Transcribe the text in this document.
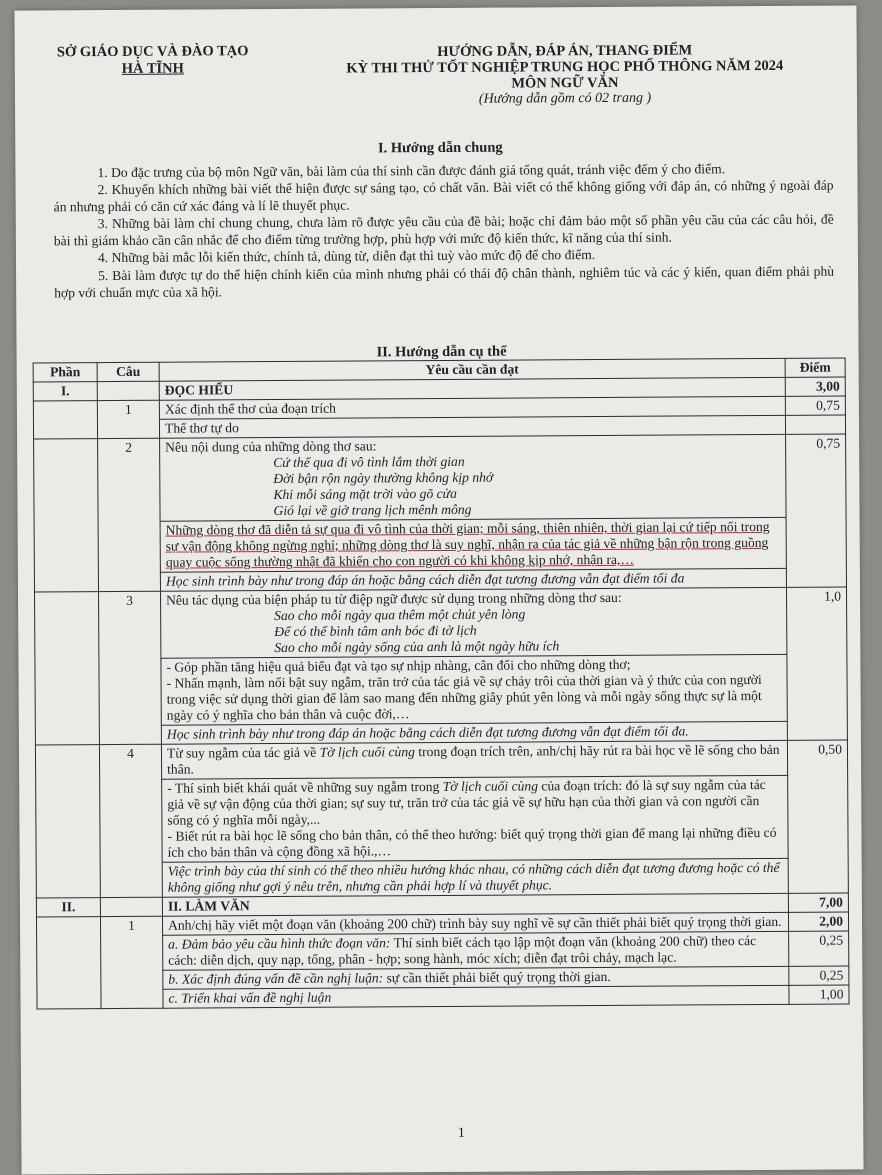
SỞ GIÁO DỤC VÀ ĐÀO TẠO
HÀ TĨNH
HƯỚNG DẪN, ĐÁP ÁN, THANG ĐIỂM
KỲ THI THỬ TỐT NGHIỆP TRUNG HỌC PHỔ THÔNG NĂM 2024
MÔN NGỮ VĂN
(Hướng dẫn gồm có 02 trang )
I. Hướng dẫn chung

1. Do đặc trưng của bộ môn Ngữ văn, bài làm của thí sinh cần được đánh giá tổng quát, tránh việc đếm ý cho điểm.

2. Khuyến khích những bài viết thể hiện được sự sáng tạo, có chất văn. Bài viết có thể không giống với đáp án, có những ý ngoài đáp án nhưng phải có căn cứ xác đáng và lí lẽ thuyết phục.

3. Những bài làm chỉ chung chung, chưa làm rõ được yêu cầu của đề bài; hoặc chỉ đảm bảo một số phần yêu cầu của các câu hỏi, đề bài thì giám khảo cần cân nhắc để cho điểm từng trường hợp, phù hợp với mức độ kiến thức, kĩ năng của thí sinh.

4. Những bài mắc lỗi kiến thức, chính tả, dùng từ, diễn đạt thì tuỳ vào mức độ để cho điểm.

5. Bài làm được tự do thể hiện chính kiến của mình nhưng phải có thái độ chân thành, nghiêm túc và các ý kiến, quan điểm phải phù hợp với chuẩn mực của xã hội.

II. Hướng dẫn cụ thể
Phần	Câu	Yêu cầu cần đạt	Điểm
I.		ĐỌC HIỂU	3,00
	1	Xác định thể thơ của đoạn trích	0,75
		Thể thơ tự do	
	2	Nêu nội dung của những dòng thơ sau:
Cứ thế qua đi vô tình lắm thời gian
Đời bận rộn ngày thường không kịp nhớ
Khi mỗi sáng mặt trời vào gõ cửa
Gió lại về giở trang lịch mênh mông	0,75
		Những dòng thơ đã diễn tả sự qua đi vô tình của thời gian; mỗi sáng, thiên nhiên, thời gian lại cứ tiếp nối trong sự vận động không ngừng nghỉ; những dòng thơ là suy nghĩ, nhận ra của tác giả về những bận rộn trong guồng quay cuộc sống thường nhật đã khiến cho con người có khi không kịp nhớ, nhận ra,…	
		Học sinh trình bày như trong đáp án hoặc bằng cách diễn đạt tương đương vẫn đạt điểm tối đa	
	3	Nêu tác dụng của biện pháp tu từ điệp ngữ được sử dụng trong những dòng thơ sau:
Sao cho mỗi ngày qua thêm một chút yên lòng
Để có thể bình tâm anh bóc đi tờ lịch
Sao cho mỗi ngày sống của anh là một ngày hữu ích	1,0

		- Góp phần tăng hiệu quả biểu đạt và tạo sự nhịp nhàng, cân đối cho những dòng thơ;
- Nhấn mạnh, làm nổi bật suy ngẫm, trăn trở của tác giả về sự chảy trôi của thời gian và ý thức của con người trong việc sử dụng thời gian để làm sao mang đến những giây phút yên lòng và mỗi ngày sống thực sự là một ngày có ý nghĩa cho bản thân và cuộc đời,…	

		Học sinh trình bày như trong đáp án hoặc bằng cách diễn đạt tương đương vẫn đạt điểm tối đa.	
	4	Từ suy ngẫm của tác giả về Tờ lịch cuối cùng trong đoạn trích trên, anh/chị hãy rút ra bài học về lẽ sống cho bản thân.	0,50

		- Thí sinh biết khái quát về những suy ngẫm trong Tờ lịch cuối cùng của đoạn trích: đó là sự suy ngẫm của tác giả về sự vận động của thời gian; sự suy tư, trăn trở của tác giả về sự hữu hạn của thời gian và con người cần sống có ý nghĩa mỗi ngày,...
- Biết rút ra bài học lẽ sống cho bản thân, có thể theo hướng: biết quý trọng thời gian để mang lại những điều có ích cho bản thân và cộng đồng xã hội.,…	

		Việc trình bày của thí sinh có thể theo nhiều hướng khác nhau, có những cách diễn đạt tương đương hoặc có thể không giống như gợi ý nêu trên, nhưng cần phải hợp lí và thuyết phục.	
II.		II. LÀM VĂN	7,00
	1	Anh/chị hãy viết một đoạn văn (khoảng 200 chữ) trình bày suy nghĩ về sự cần thiết phải biết quý trọng thời gian.	2,00
		a. Đảm bảo yêu cầu hình thức đoạn văn: Thí sinh biết cách tạo lập một đoạn văn (khoảng 200 chữ) theo các cách: diễn dịch, quy nạp, tổng, phân - hợp; song hành, móc xích; diễn đạt trôi chảy, mạch lạc.	0,25
		b. Xác định đúng vấn đề cần nghị luận: sự cần thiết phải biết quý trọng thời gian.	0,25
		c. Triển khai vấn đề nghị luận	1,00
1
